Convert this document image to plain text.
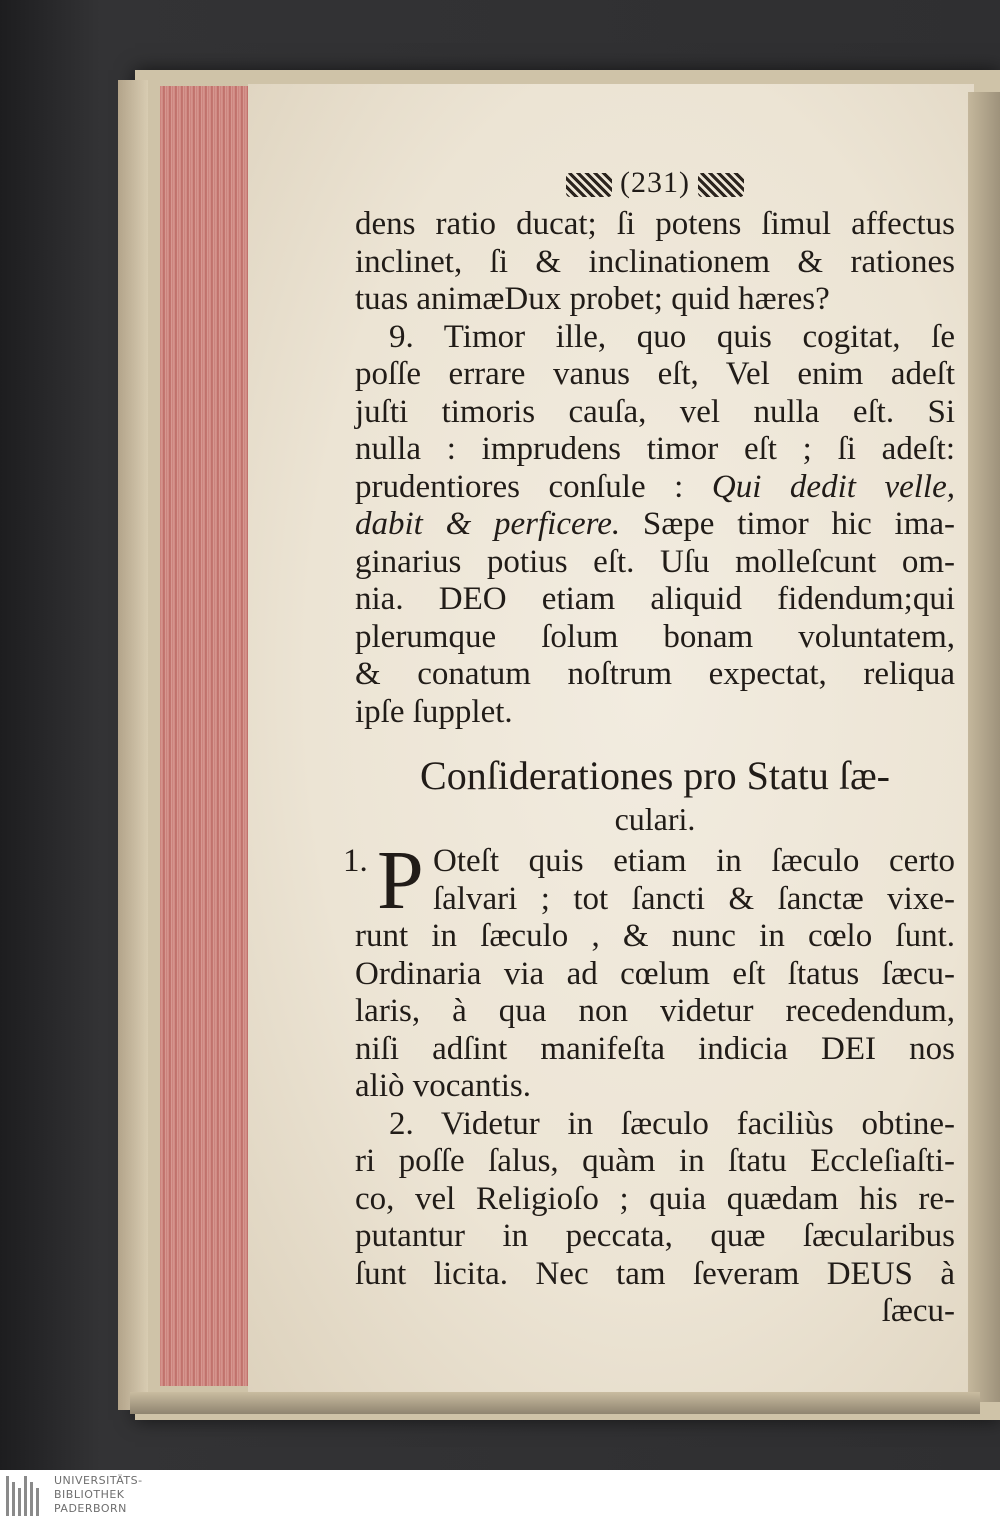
(231)
dens ratio ducat; ſi potens ſimul affectus
inclinet, ſi & inclinationem & rationes
tuas animæDux probet; quid hæres?
9. Timor ille, quo quis cogitat, ſe
poſſe errare vanus eſt, Vel enim adeſt
juſti timoris cauſa, vel nulla eſt. Si
nulla : imprudens timor eſt ; ſi adeſt:
prudentiores conſule : Qui dedit velle,
dabit & perficere. Sæpe timor hic ima-
ginarius potius eſt. Uſu molleſcunt om-
nia. DEO etiam aliquid fidendum;qui
plerumque ſolum bonam voluntatem,
& conatum noſtrum expectat, reliqua
ipſe ſupplet.
Conſiderationes pro Statu ſæ-
culari.
P
1. Oteſt quis etiam in ſæculo certo
ſalvari ; tot ſancti & ſanctæ vixe-
runt in ſæculo , & nunc in cœlo ſunt.
Ordinaria via ad cœlum eſt ſtatus ſæcu-
laris, à qua non videtur recedendum,
niſi adſint manifeſta indicia DEI nos
aliò vocantis.
2. Videtur in ſæculo faciliùs obtine-
ri poſſe ſalus, quàm in ſtatu Eccleſiaſti-
co, vel Religioſo ; quia quædam his re-
putantur in peccata, quæ ſæcularibus
ſunt licita. Nec tam ſeveram DEUS à
ſæcu-
UNIVERSITÄTS-
BIBLIOTHEK
PADERBORN
